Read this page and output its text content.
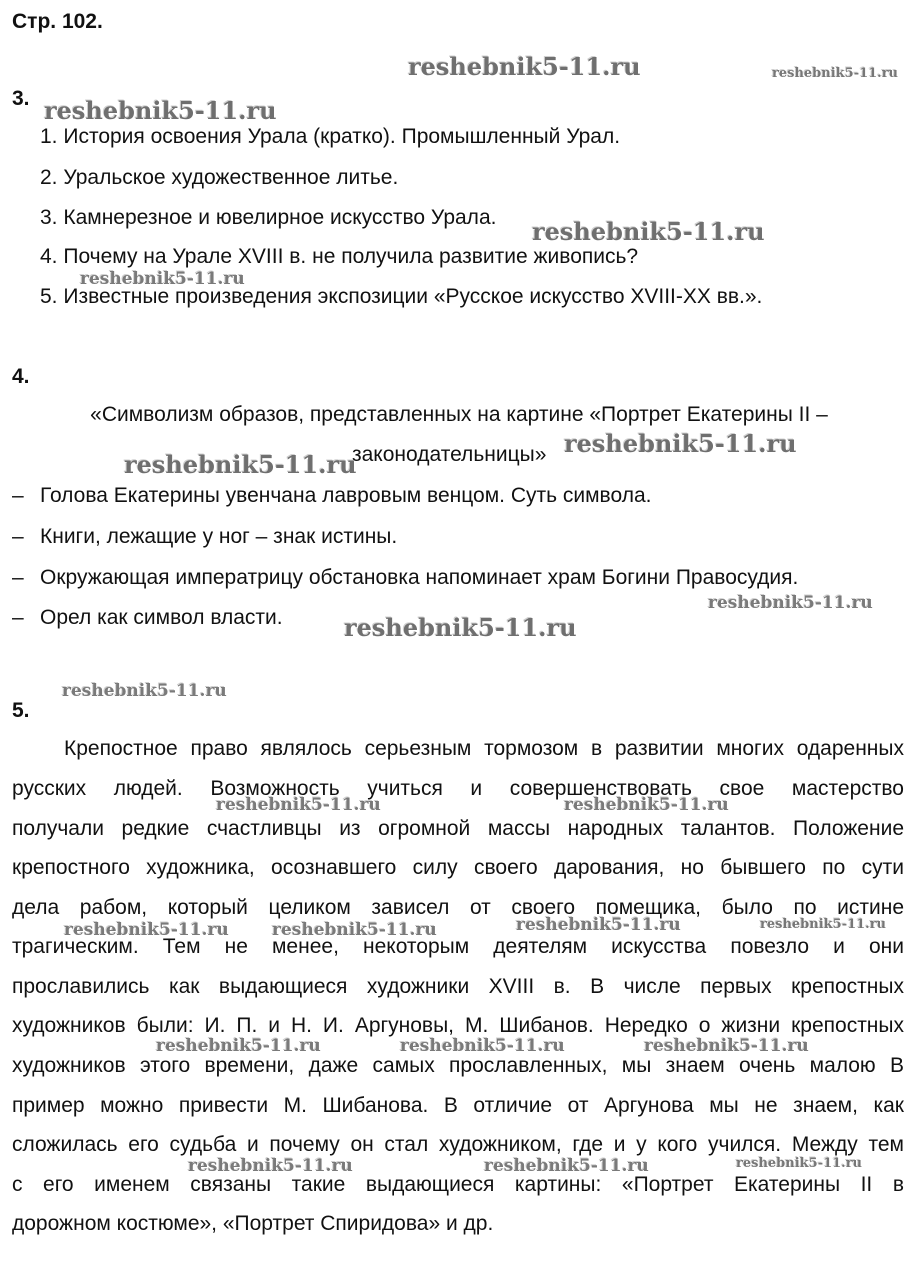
Стр. 102.
3.
1. История освоения Урала (кратко). Промышленный Урал.
2. Уральское художественное литье.
3. Камнерезное и ювелирное искусство Урала.
4. Почему на Урале XVIII в. не получила развитие живопись?
5. Известные произведения экспозиции «Русское искусство XVIII-XX вв.».
4.
«Символизм образов, представленных на картине «Портрет Екатерины II –
законодательницы»
– Голова Екатерины увенчана лавровым венцом. Суть символа.
– Книги, лежащие у ног – знак истины.
– Окружающая императрицу обстановка напоминает храм Богини Правосудия.
– Орел как символ власти.
5.
Крепостное право являлось серьезным тормозом в развитии многих одаренных
русских людей. Возможность учиться и совершенствовать свое мастерство
получали редкие счастливцы из огромной массы народных талантов. Положение
крепостного художника, осознавшего силу своего дарования, но бывшего по сути
дела рабом, который целиком зависел от своего помещика, было по истине
трагическим. Тем не менее, некоторым деятелям искусства повезло и они
прославились как выдающиеся художники XVIII в. В числе первых крепостных
художников были: И. П. и Н. И. Аргуновы, М. Шибанов. Нередко о жизни крепостных
художников этого времени, даже самых прославленных, мы знаем очень малою В
пример можно привести М. Шибанова. В отличие от Аргунова мы не знаем, как
сложилась его судьба и почему он стал художником, где и у кого учился. Между тем
с его именем связаны такие выдающиеся картины: «Портрет Екатерины II в
дорожном костюме», «Портрет Спиридова» и др.
reshebnik5-11.ru	reshebnik5-11.ru
reshebnik5-11.ru
reshebnik5-11.ru
reshebnik5-11.ru
reshebnik5-11.ru
reshebnik5-11.ru
reshebnik5-11.ru
reshebnik5-11.ru
reshebnik5-11.ru
reshebnik5-11.ru	reshebnik5-11.ru
reshebnik5-11.ru	reshebnik5-11.ru
reshebnik5-11.ru	reshebnik5-11.ru
reshebnik5-11.ru	reshebnik5-11.ru	reshebnik5-11.ru
reshebnik5-11.ru	reshebnik5-11.ru	reshebnik5-11.ru
